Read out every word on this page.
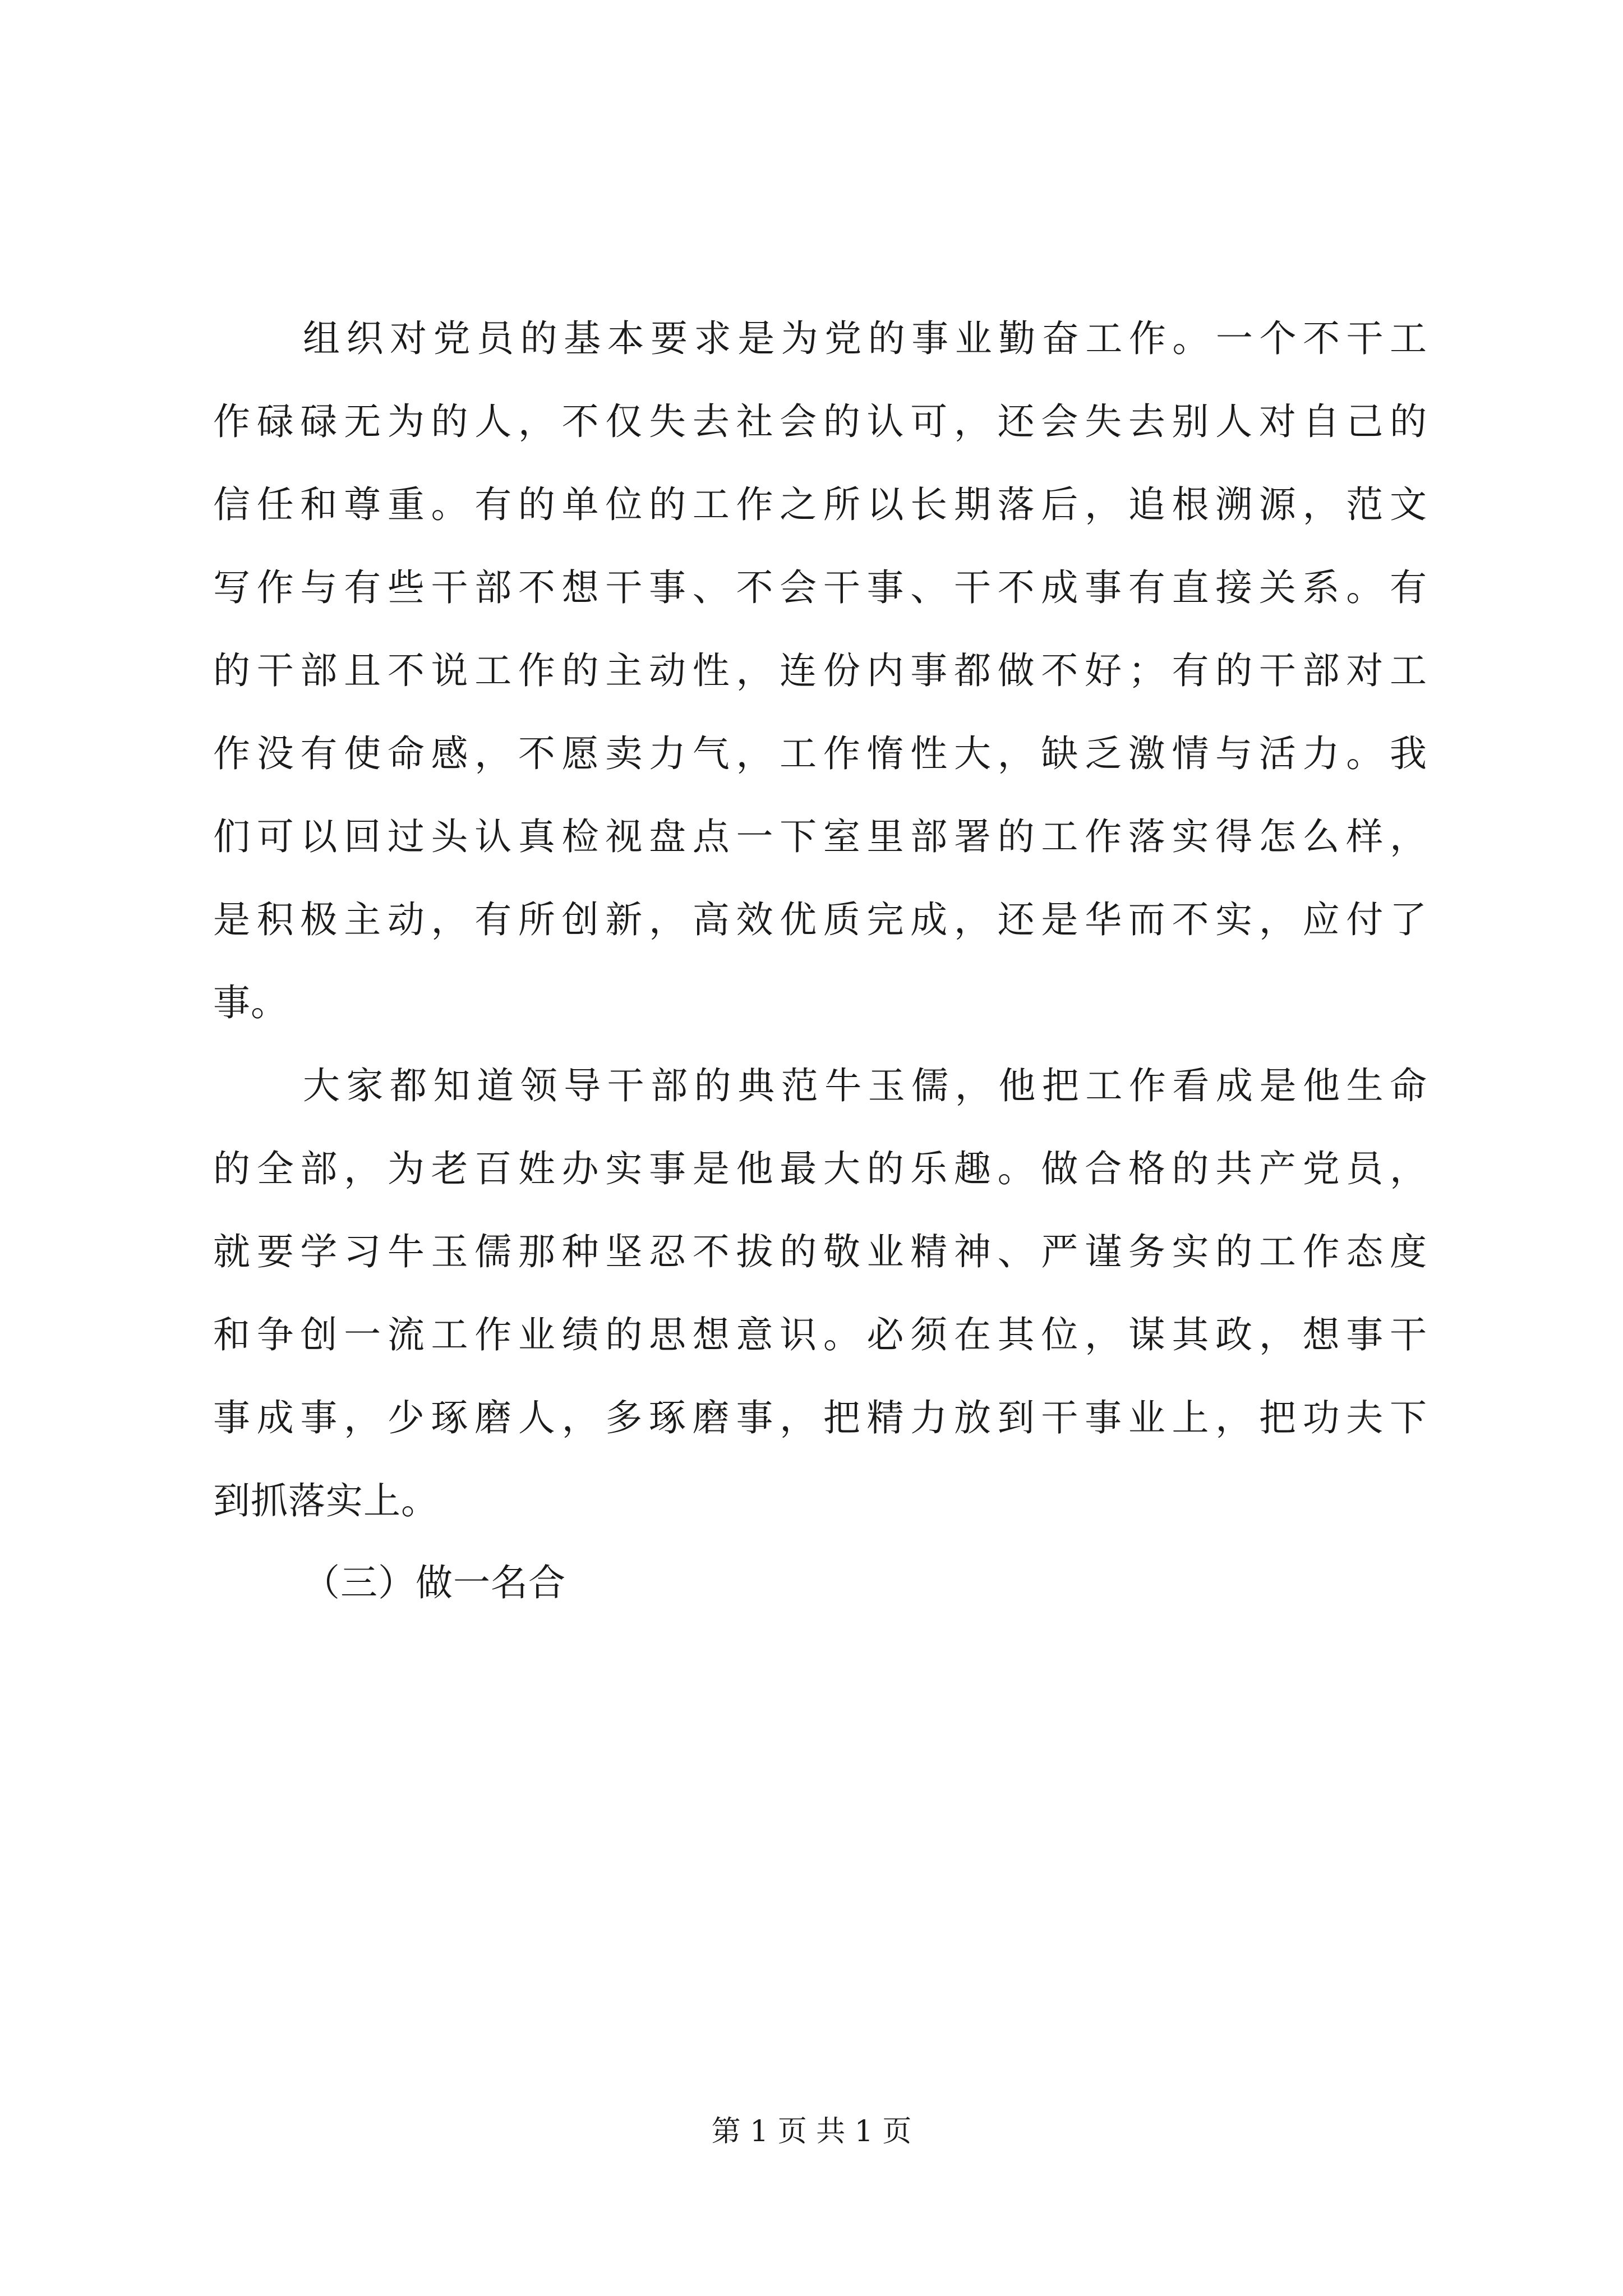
组织对党员的基本要求是为党的事业勤奋工作。一个不干工
作碌碌无为的人，不仅失去社会的认可，还会失去别人对自己的
信任和尊重。有的单位的工作之所以长期落后，追根溯源，范文
写作与有些干部不想干事、不会干事、干不成事有直接关系。有
的干部且不说工作的主动性，连份内事都做不好；有的干部对工
作没有使命感，不愿卖力气，工作惰性大，缺乏激情与活力。我
们可以回过头认真检视盘点一下室里部署的工作落实得怎么样，
是积极主动，有所创新，高效优质完成，还是华而不实，应付了
事。
大家都知道领导干部的典范牛玉儒，他把工作看成是他生命
的全部，为老百姓办实事是他最大的乐趣。做合格的共产党员，
就要学习牛玉儒那种坚忍不拔的敬业精神、严谨务实的工作态度
和争创一流工作业绩的思想意识。必须在其位，谋其政，想事干
事成事，少琢磨人，多琢磨事，把精力放到干事业上，把功夫下
到抓落实上。
（三）做一名合
第 1 页 共 1 页
